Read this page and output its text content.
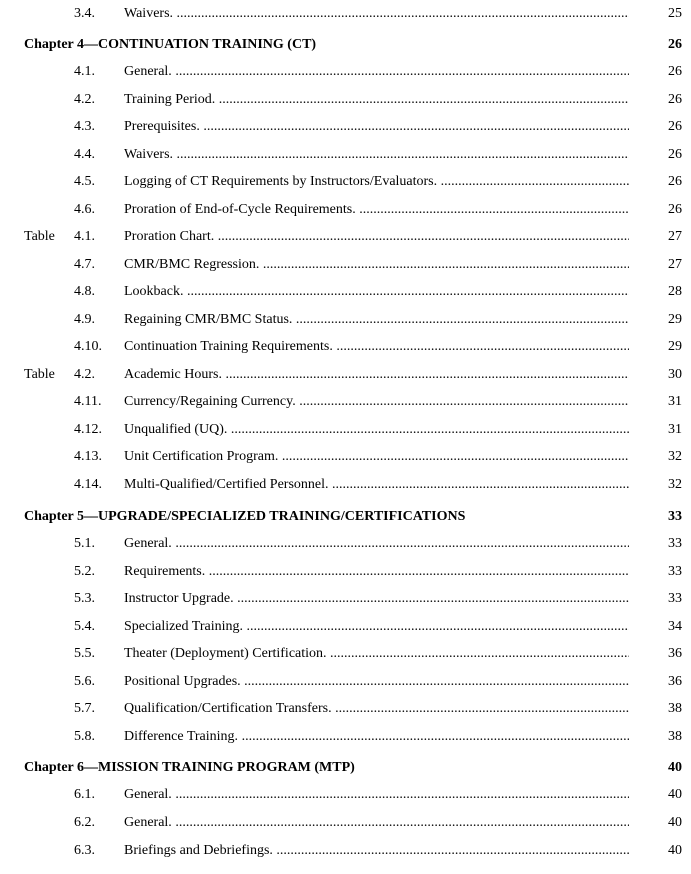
3.4. Waivers. .....	25
Chapter 4—CONTINUATION TRAINING (CT)	26
4.1. General. .....	26
4.2. Training Period. .....	26
4.3. Prerequisites. .....	26
4.4. Waivers. .....	26
4.5. Logging of CT Requirements by Instructors/Evaluators. .....	26
4.6. Proration of End-of-Cycle Requirements. .....	26
Table 4.1. Proration Chart. .....	27
4.7. CMR/BMC Regression. .....	27
4.8. Lookback. .....	28
4.9. Regaining CMR/BMC Status. .....	29
4.10. Continuation Training Requirements. .....	29
Table 4.2. Academic Hours. .....	30
4.11. Currency/Regaining Currency. .....	31
4.12. Unqualified (UQ). .....	31
4.13. Unit Certification Program. .....	32
4.14. Multi-Qualified/Certified Personnel. .....	32
Chapter 5—UPGRADE/SPECIALIZED TRAINING/CERTIFICATIONS	33
5.1. General. .....	33
5.2. Requirements. .....	33
5.3. Instructor Upgrade. .....	33
5.4. Specialized Training. .....	34
5.5. Theater (Deployment) Certification. .....	36
5.6. Positional Upgrades. .....	36
5.7. Qualification/Certification Transfers. .....	38
5.8. Difference Training. .....	38
Chapter 6—MISSION TRAINING PROGRAM (MTP)	40
6.1. General. .....	40
6.2. General. .....	40
6.3. Briefings and Debriefings. .....	40
